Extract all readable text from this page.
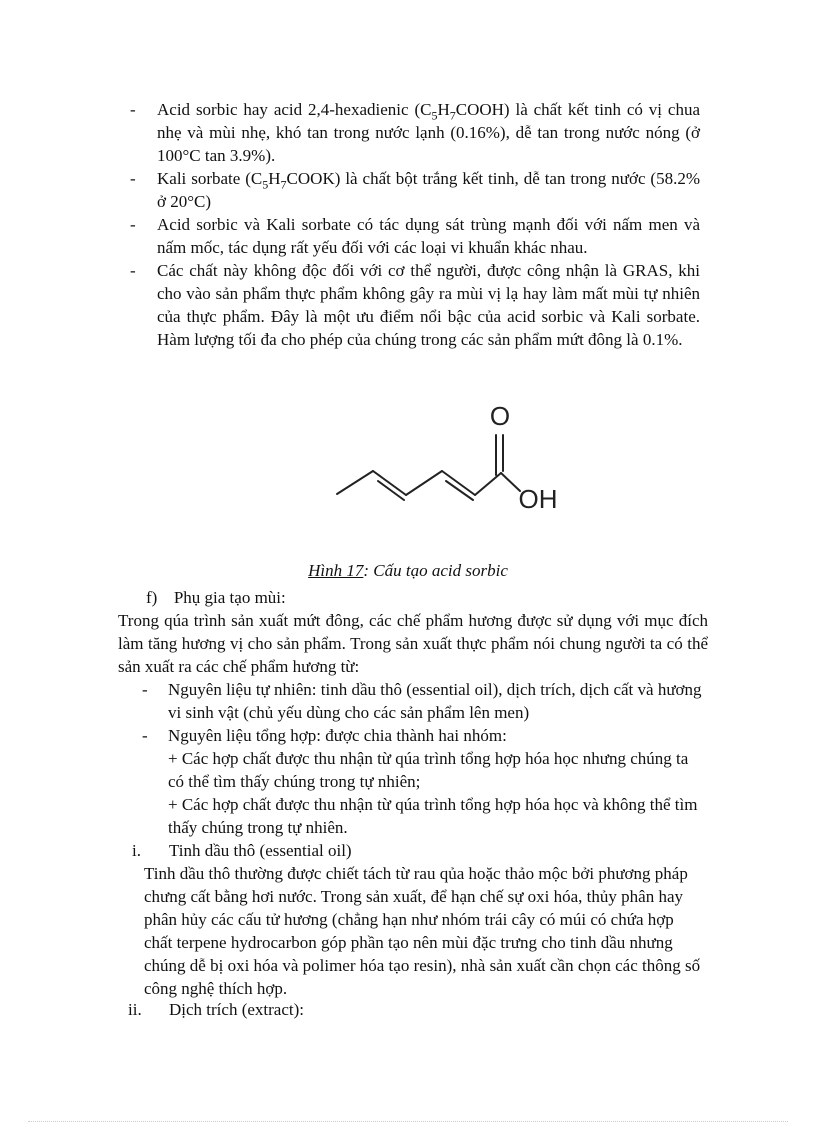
- Acid sorbic hay acid 2,4-hexadienic $(C_5H_7COOH)$ là chất kết tinh có vị chua nhẹ và mùi nhẹ, khó tan trong nước lạnh (0.16%), dễ tan trong nước nóng (ở 100°C tan 3.9%).
- Kali sorbate $(C_5H_7COOK)$ là chất bột trắng kết tinh, dễ tan trong nước (58.2% ở 20°C)
- Acid sorbic và Kali sorbate có tác dụng sát trùng mạnh đối với nấm men và nấm mốc, tác dụng rất yếu đối với các loại vi khuẩn khác nhau.
- Các chất này không độc đối với cơ thể người, được công nhận là GRAS, khi cho vào sản phẩm thực phẩm không gây ra mùi vị lạ hay làm mất mùi tự nhiên của thực phẩm. Đây là một ưu điểm nổi bậc của acid sorbic và Kali sorbate. Hàm lượng tối đa cho phép của chúng trong các sản phẩm mứt đông là 0.1%.
O
OH
Hình 17: Cấu tạo acid sorbic
f) Phụ gia tạo mùi:
Trong qúa trình sản xuất mứt đông, các chế phẩm hương được sử dụng với mục đích làm tăng hương vị cho sản phẩm. Trong sản xuất thực phẩm nói chung người ta có thể sản xuất ra các chế phẩm hương từ:
- Nguyên liệu tự nhiên: tinh dầu thô (essential oil), dịch trích, dịch cất và hương vi sinh vật (chủ yếu dùng cho các sản phẩm lên men)
- Nguyên liệu tổng hợp: được chia thành hai nhóm:
+ Các hợp chất được thu nhận từ qúa trình tổng hợp hóa học nhưng chúng ta có thể tìm thấy chúng trong tự nhiên;
+ Các hợp chất được thu nhận từ qúa trình tổng hợp hóa học và không thể tìm thấy chúng trong tự nhiên.
i. Tinh dầu thô (essential oil)
Tinh dầu thô thường được chiết tách từ rau qủa hoặc thảo mộc bởi phương pháp chưng cất bằng hơi nước. Trong sản xuất, để hạn chế sự oxi hóa, thủy phân hay phân hủy các cấu tử hương (chẳng hạn như nhóm trái cây có múi có chứa hợp chất terpene hydrocarbon góp phần tạo nên mùi đặc trưng cho tinh dầu nhưng chúng dễ bị oxi hóa và polimer hóa tạo resin), nhà sản xuất cần chọn các thông số công nghệ thích hợp.
ii. Dịch trích (extract):
